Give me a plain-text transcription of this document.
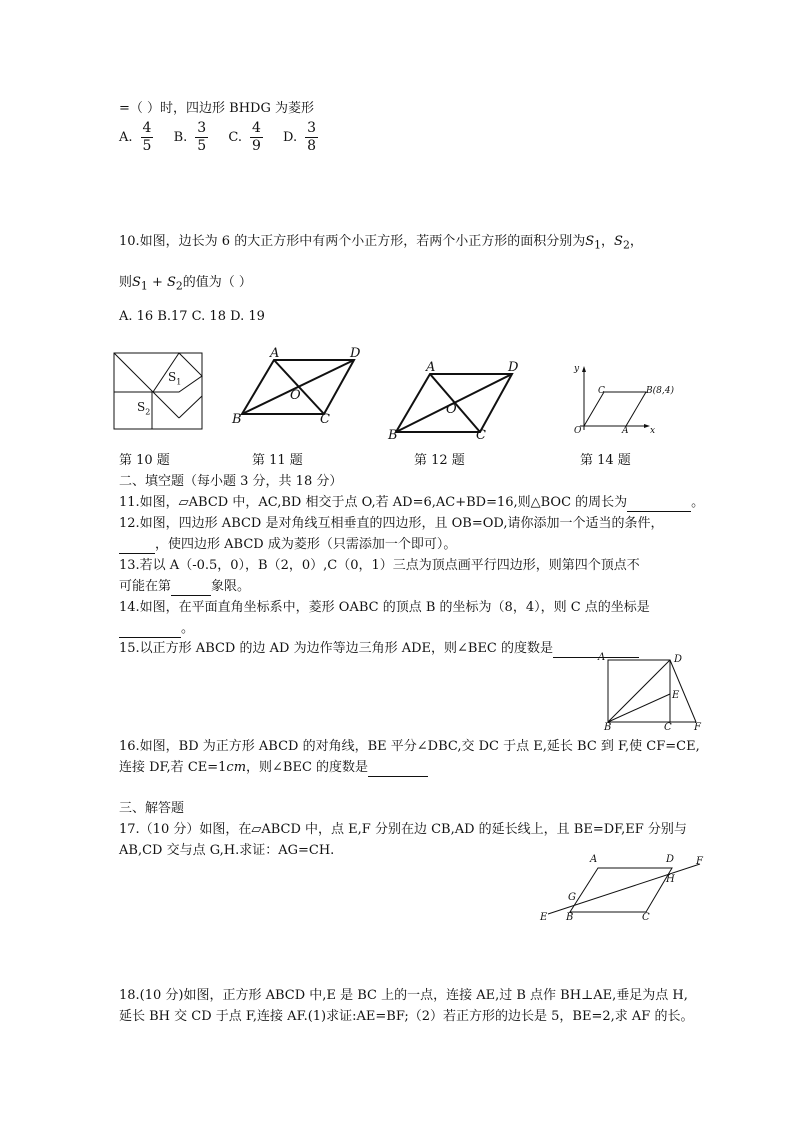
=（ ）时，四边形 BHDG 为菱形
A. $\frac{4}{5}$
B. $\frac{3}{5}$
C. $\frac{4}{9}$
D. $\frac{3}{8}$
10.如图，边长为 6 的大正方形中有两个小正方形，若两个小正方形的面积分别为$S_1$，$S_2$，
则$S_1 + S_2$的值为（ ）
A. 16 B.17 C. 18 D. 19
$S_1$
$S_2$
A	D
B	C
O
A	D
B	C
O
y
x
O	A
C	B(8,4)
第 10 题	第 11 题	第 12 题	第 14 题
二、填空题（每小题 3 分，共 18 分）
11.如图，▱ABCD 中，AC,BD 相交于点 O,若 AD=6,AC+BD=16,则△BOC 的周长为	。
12.如图，四边形 ABCD 是对角线互相垂直的四边形，且 OB=OD,请你添加一个适当的条件，
，使四边形 ABCD 成为菱形（只需添加一个即可）。
13.若以 A（-0.5，0），B（2，0）,C（0，1）三点为顶点画平行四边形，则第四个顶点不
可能在第	象限。
14.如图，在平面直角坐标系中，菱形 OABC 的顶点 B 的坐标为（8，4），则 C 点的坐标是
。
15.以正方形 ABCD 的边 AD 为边作等边三角形 ADE，则∠BEC 的度数是
A	D
E
B	C F
16.如图，BD 为正方形 ABCD 的对角线，BE 平分∠DBC,交 DC 于点 E,延长 BC 到 F,使 CF=CE,
连接 DF,若 CE=1cm，则∠BEC 的度数是
三、解答题
17.（10 分）如图，在▱ABCD 中，点 E,F 分别在边 CB,AD 的延长线上，且 BE=DF,EF 分别与
AB,CD 交与点 G,H.求证：AG=CH.
A	D F
H
G
E B	C
18.(10 分)如图，正方形 ABCD 中,E 是 BC 上的一点，连接 AE,过 B 点作 BH⊥AE,垂足为点 H,
延长 BH 交 CD 于点 F,连接 AF.(1)求证:AE=BF;（2）若正方形的边长是 5，BE=2,求 AF 的长。
